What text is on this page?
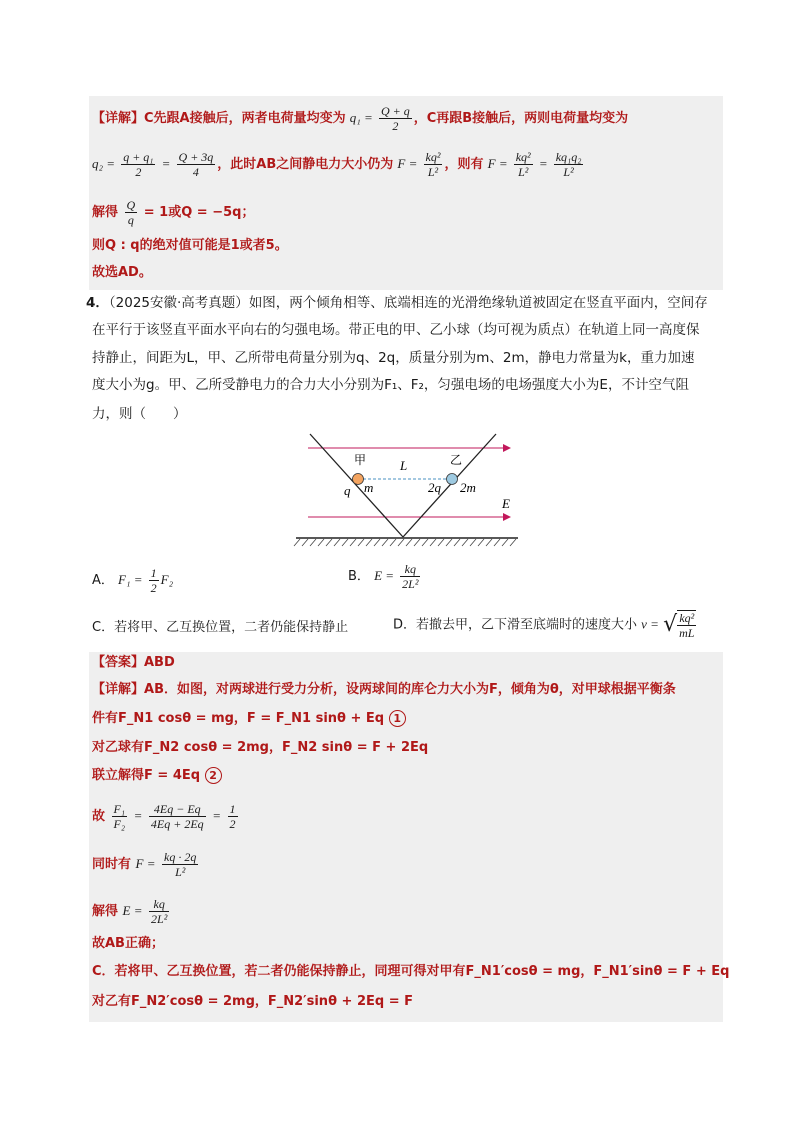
【详解】C先跟A接触后，两者电荷量均变为 $q_1 = \frac{Q + q}{2}$ ，C再跟B接触后，两则电荷量均变为
$q_2 = \frac{\text{q + q₁}}{2} = \frac{Q + 3q}{4}$ ，此时AB之间静电力大小仍为 $F = \frac{\text{kq²}}{\text{L²}}$ ，则有 $F = \frac{\text{kq²}}{\text{L²}} = \frac{\text{kq₁q₂}}{\text{L²}}$
解得 $\frac{Q}{q} = 1$或Q = −5q；
则Q : q的绝对值可能是1或者5。
故选AD。
4．（2025安徽·高考真题）如图，两个倾角相等、底端相连的光滑绝缘轨道被固定在竖直平面内，空间存
在平行于该竖直平面水平向右的匀强电场。带正电的甲、乙小球（均可视为质点）在轨道上同一高度保
持静止，间距为L，甲、乙所带电荷量分别为q、2q，质量分别为m、2m，静电力常量为k，重力加速
度大小为g。甲、乙所受静电力的合力大小分别为F₁、F₂，匀强电场的电场强度大小为E，不计空气阻
力，则（　　）
甲	乙
L
q m	2q 2m
E
A． $F_1 = \frac{1}{2} F_2$	B． $E = \frac{kq}{\text{2L²}}$
C．若将甲、乙互换位置，二者仍能保持静止	D．若撤去甲，乙下滑至底端时的速度大小 v = √ $\frac{\text{kq²}}{mL}$
【答案】ABD
【详解】AB．如图，对两球进行受力分析，设两球间的库仑力大小为F，倾角为θ，对甲球根据平衡条
件有F_N1 cosθ = mg，F = F_N1 sinθ + Eq 1
对乙球有F_N2 cosθ = 2mg，F_N2 sinθ = F + 2Eq
联立解得F = 4Eq 2
故 $\frac{\text{F₁}}{\text{F₂}} = \frac{4Eq - Eq}{4Eq + 2Eq} = \frac{1}{2}$
同时有 $F = \frac{kq \cdot 2q}{\text{L²}}$
解得 $E = \frac{kq}{\text{2L²}}$
故AB正确；
C．若将甲、乙互换位置，若二者仍能保持静止，同理可得对甲有F_N1′cosθ = mg，F_N1′sinθ = F + Eq
对乙有F_N2′cosθ = 2mg，F_N2′sinθ + 2Eq = F
